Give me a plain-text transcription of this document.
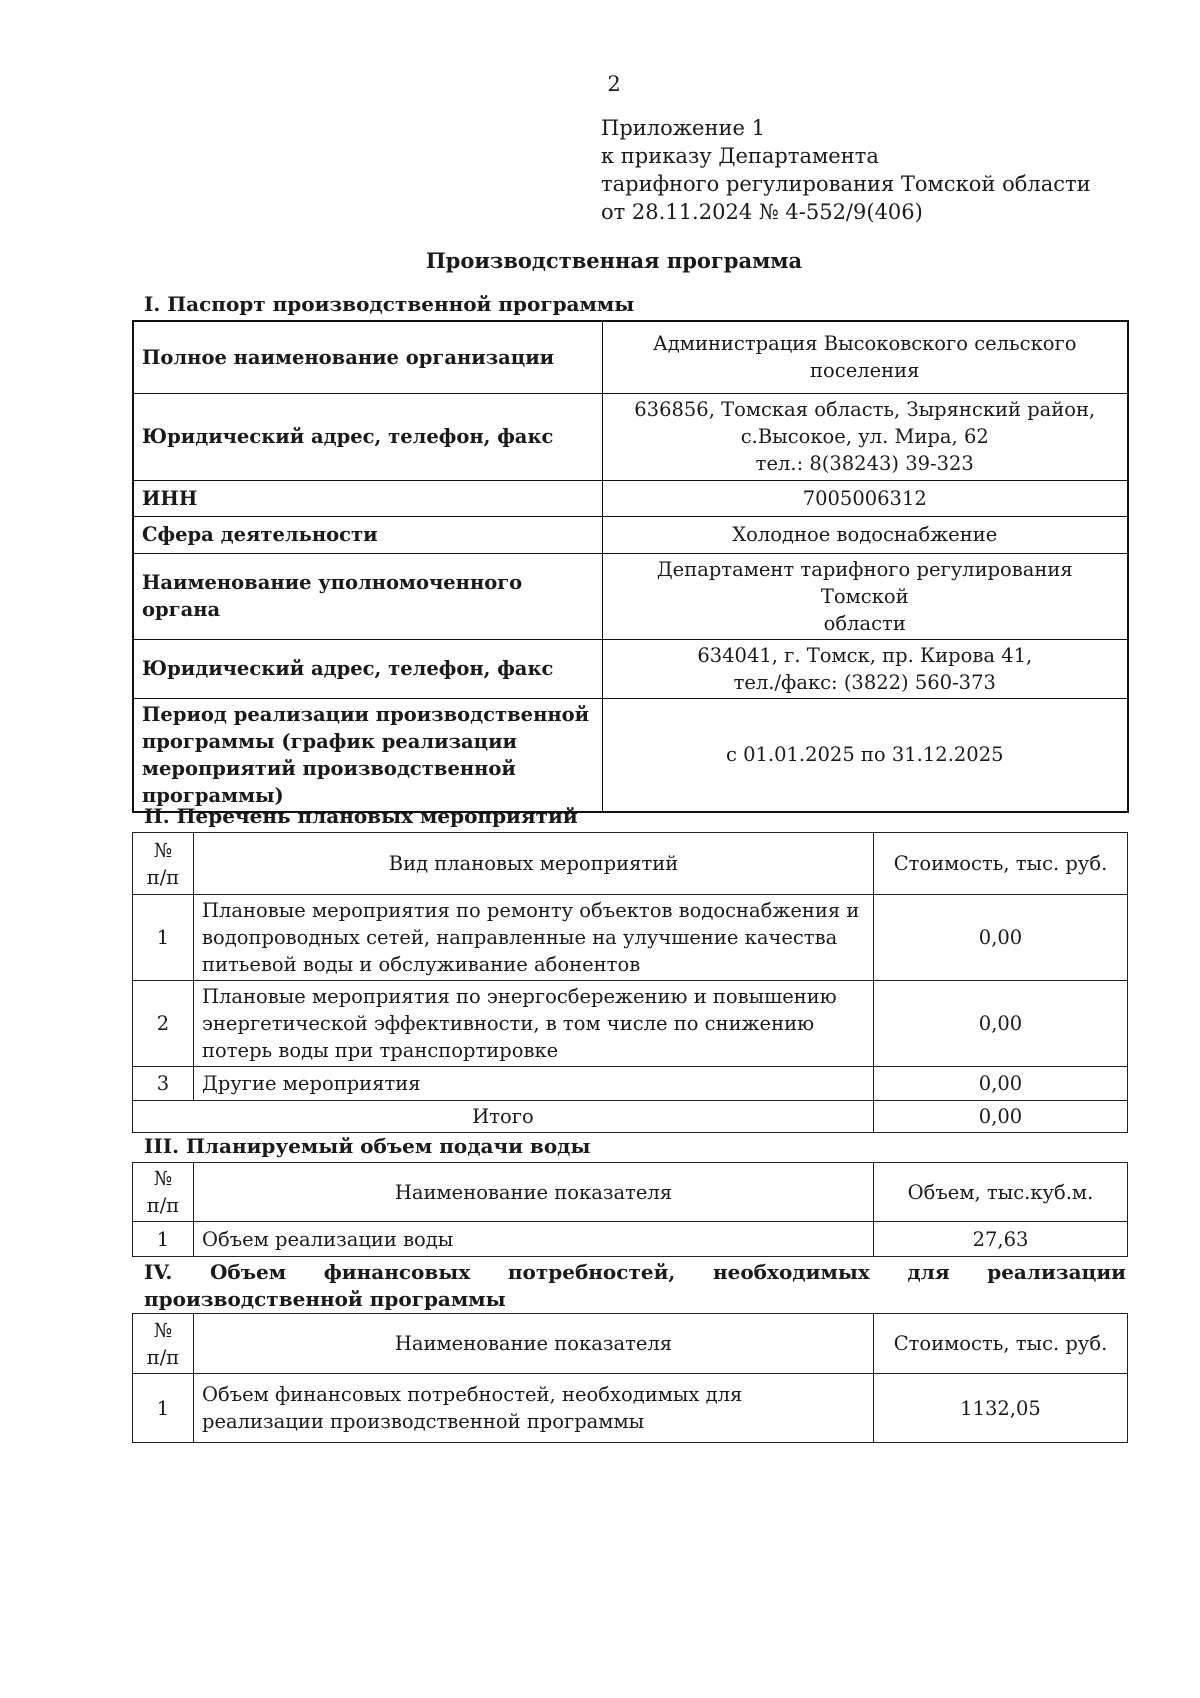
2
Приложение 1
к приказу Департамента
тарифного регулирования Томской области
от 28.11.2024 № 4-552/9(406)
Производственная программа
I. Паспорт производственной программы
Полное наименование организации	Администрация Высоковского сельского
поселения

Юридический адрес, телефон, факс	636856, Томская область, Зырянский район,
с.Высокое, ул. Мира, 62
тел.: 8(38243) 39-323

ИНН	7005006312

Сфера деятельности	Холодное водоснабжение

Наименование уполномоченного органа	Департамент тарифного регулирования Томской
области

Юридический адрес, телефон, факс	634041, г. Томск, пр. Кирова 41,
тел./факс: (3822) 560-373

Период реализации производственной программы (график реализации мероприятий производственной программы)	с 01.01.2025 по 31.12.2025
II. Перечень плановых мероприятий
№
п/п	Вид плановых мероприятий	Стоимость, тыс. руб.
1	Плановые мероприятия по ремонту объектов водоснабжения и водопроводных сетей, направленные на улучшение качества питьевой воды и обслуживание абонентов	0,00
2	Плановые мероприятия по энергосбережению и повышению энергетической эффективности, в том числе по снижению потерь воды при транспортировке	0,00
3	Другие мероприятия	0,00
Итого		0,00
III. Планируемый объем подачи воды
№
п/п	Наименование показателя	Объем, тыс.куб.м.
1	Объем реализации воды	27,63
IV. Объем финансовых потребностей, необходимых для реализации производственной программы
№
п/п	Наименование показателя	Стоимость, тыс. руб.
1	Объем финансовых потребностей, необходимых для реализации производственной программы	1132,05
